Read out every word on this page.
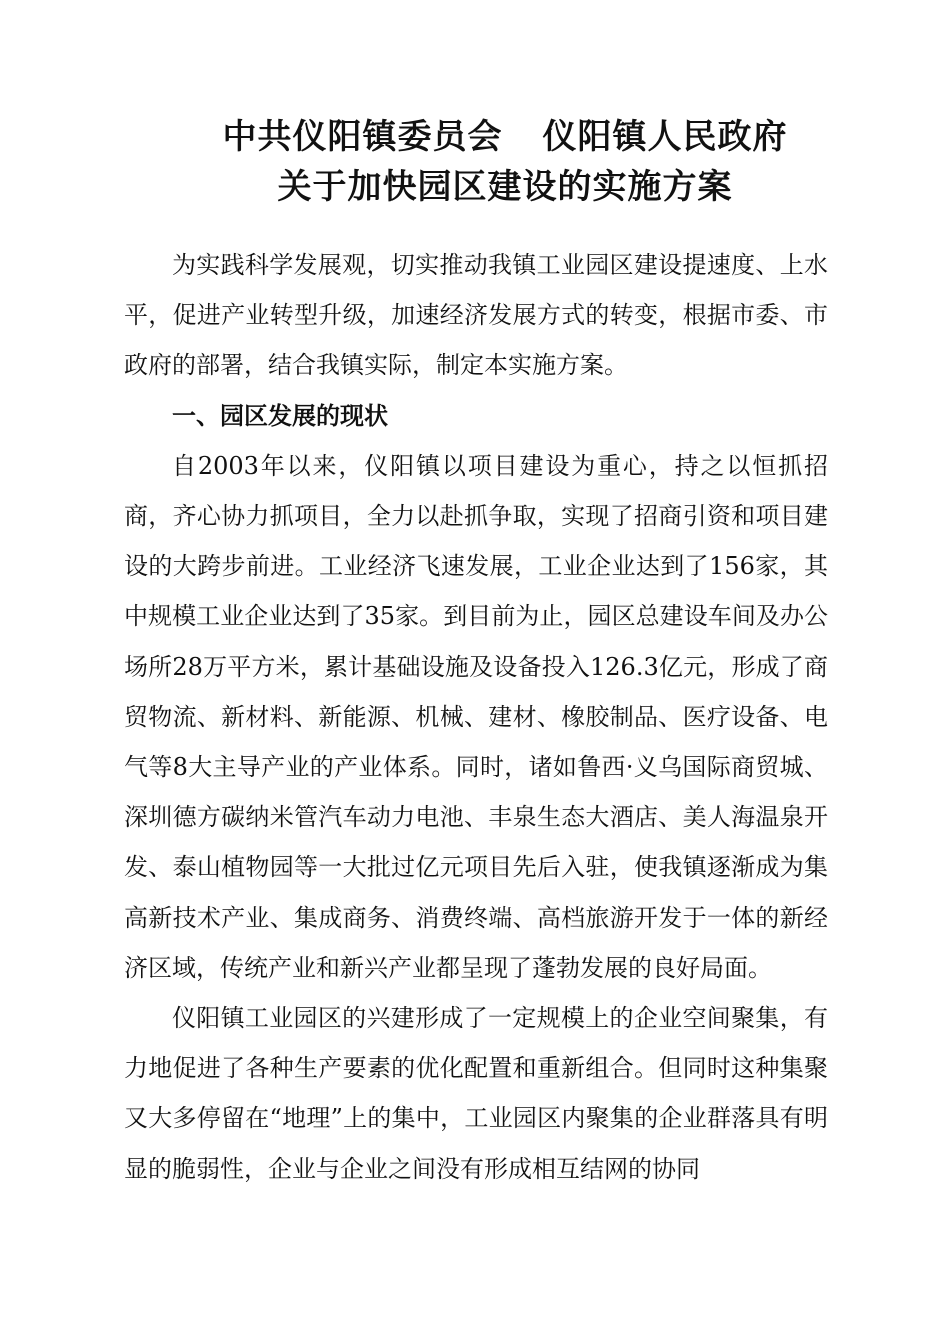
中共仪阳镇委员会 仪阳镇人民政府
关于加快园区建设的实施方案

为实践科学发展观，切实推动我镇工业园区建设提速度、上水平，促进产业转型升级，加速经济发展方式的转变，根据市委、市政府的部署，结合我镇实际，制定本实施方案。

一、园区发展的现状

自2003年以来，仪阳镇以项目建设为重心，持之以恒抓招商，齐心协力抓项目，全力以赴抓争取，实现了招商引资和项目建设的大跨步前进。工业经济飞速发展，工业企业达到了156家，其中规模工业企业达到了35家。到目前为止，园区总建设车间及办公场所28万平方米，累计基础设施及设备投入126.3亿元，形成了商贸物流、新材料、新能源、机械、建材、橡胶制品、医疗设备、电气等8大主导产业的产业体系。同时，诸如鲁西·义乌国际商贸城、深圳德方碳纳米管汽车动力电池、丰泉生态大酒店、美人海温泉开发、泰山植物园等一大批过亿元项目先后入驻，使我镇逐渐成为集高新技术产业、集成商务、消费终端、高档旅游开发于一体的新经济区域，传统产业和新兴产业都呈现了蓬勃发展的良好局面。

仪阳镇工业园区的兴建形成了一定规模上的企业空间聚集，有力地促进了各种生产要素的优化配置和重新组合。但同时这种集聚又大多停留在“地理”上的集中，工业园区内聚集的企业群落具有明显的脆弱性，企业与企业之间没有形成相互结网的协同
